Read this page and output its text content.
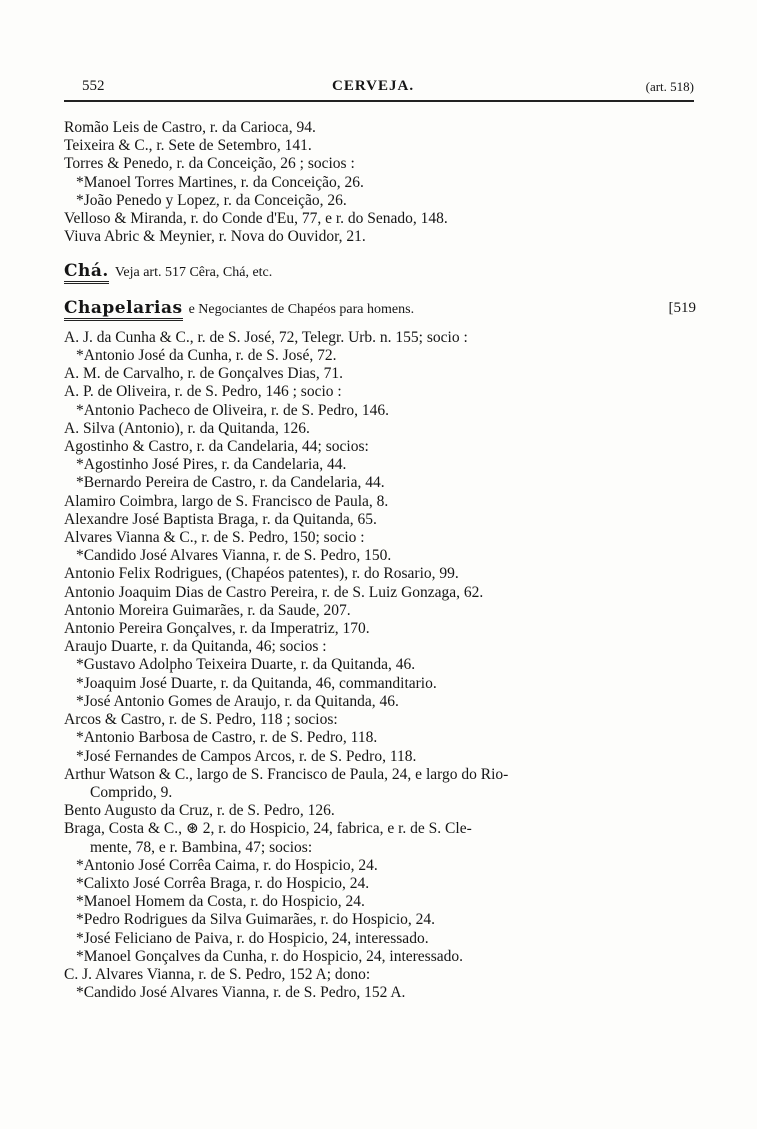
552	CERVEJA.	(art. 518)
Romão Leis de Castro, r. da Carioca, 94.
Teixeira & C., r. Sete de Setembro, 141.
Torres & Penedo, r. da Conceição, 26 ; socios :
*Manoel Torres Martines, r. da Conceição, 26.
*João Penedo y Lopez, r. da Conceição, 26.
Velloso & Miranda, r. do Conde d'Eu, 77, e r. do Senado, 148.
Viuva Abric & Meynier, r. Nova do Ouvidor, 21.
Chá. Veja art. 517 Cêra, Chá, etc.
Chapelarias e Negociantes de Chapéos para homens.	[519
A. J. da Cunha & C., r. de S. José, 72, Telegr. Urb. n. 155; socio :
*Antonio José da Cunha, r. de S. José, 72.
A. M. de Carvalho, r. de Gonçalves Dias, 71.
A. P. de Oliveira, r. de S. Pedro, 146 ; socio :
*Antonio Pacheco de Oliveira, r. de S. Pedro, 146.
A. Silva (Antonio), r. da Quitanda, 126.
Agostinho & Castro, r. da Candelaria, 44; socios:
*Agostinho José Pires, r. da Candelaria, 44.
*Bernardo Pereira de Castro, r. da Candelaria, 44.
Alamiro Coimbra, largo de S. Francisco de Paula, 8.
Alexandre José Baptista Braga, r. da Quitanda, 65.
Alvares Vianna & C., r. de S. Pedro, 150; socio :
*Candido José Alvares Vianna, r. de S. Pedro, 150.
Antonio Felix Rodrigues, (Chapéos patentes), r. do Rosario, 99.
Antonio Joaquim Dias de Castro Pereira, r. de S. Luiz Gonzaga, 62.
Antonio Moreira Guimarães, r. da Saude, 207.
Antonio Pereira Gonçalves, r. da Imperatriz, 170.
Araujo Duarte, r. da Quitanda, 46; socios :
*Gustavo Adolpho Teixeira Duarte, r. da Quitanda, 46.
*Joaquim José Duarte, r. da Quitanda, 46, commanditario.
*José Antonio Gomes de Araujo, r. da Quitanda, 46.
Arcos & Castro, r. de S. Pedro, 118 ; socios:
*Antonio Barbosa de Castro, r. de S. Pedro, 118.
*José Fernandes de Campos Arcos, r. de S. Pedro, 118.
Arthur Watson & C., largo de S. Francisco de Paula, 24, e largo do Rio-
Comprido, 9.
Bento Augusto da Cruz, r. de S. Pedro, 126.
Braga, Costa & C., ⊛ 2, r. do Hospicio, 24, fabrica, e r. de S. Cle-
mente, 78, e r. Bambina, 47; socios:
*Antonio José Corrêa Caima, r. do Hospicio, 24.
*Calixto José Corrêa Braga, r. do Hospicio, 24.
*Manoel Homem da Costa, r. do Hospicio, 24.
*Pedro Rodrigues da Silva Guimarães, r. do Hospicio, 24.
*José Feliciano de Paiva, r. do Hospicio, 24, interessado.
*Manoel Gonçalves da Cunha, r. do Hospicio, 24, interessado.
C. J. Alvares Vianna, r. de S. Pedro, 152 A; dono:
*Candido José Alvares Vianna, r. de S. Pedro, 152 A.
